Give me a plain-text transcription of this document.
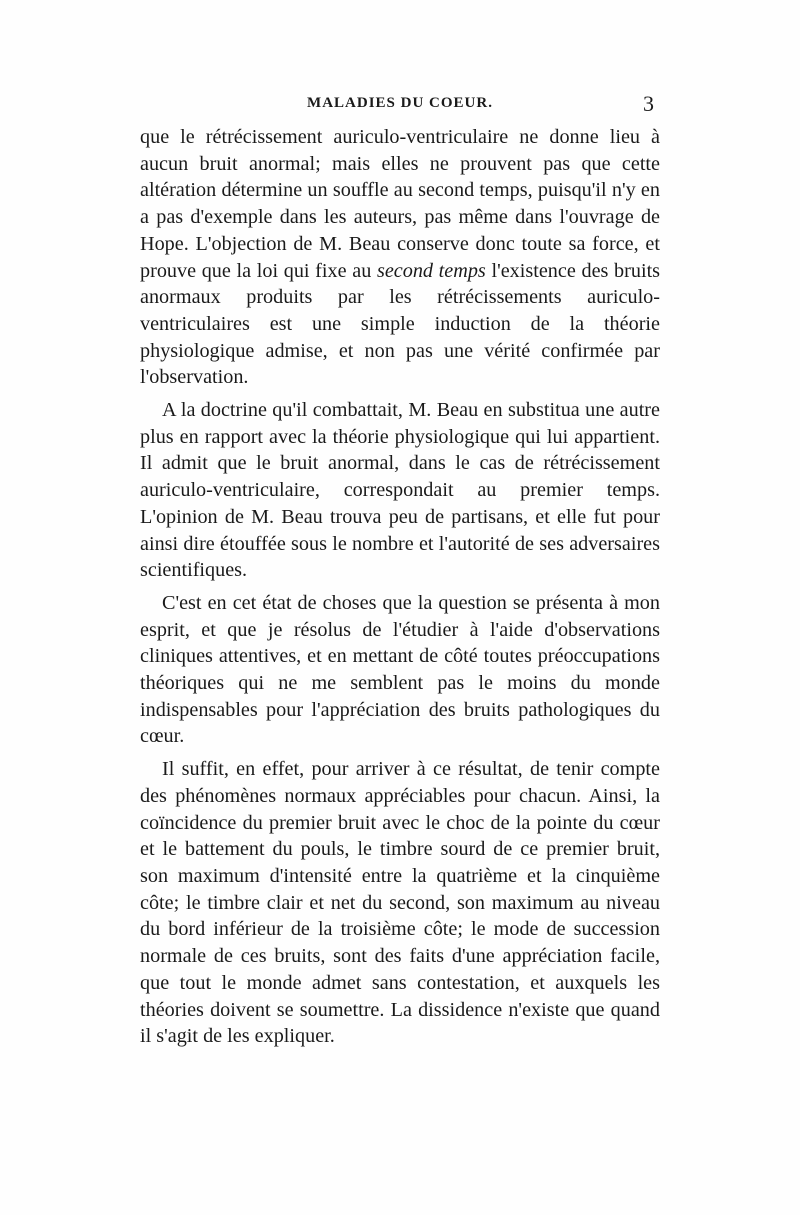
MALADIES DU COEUR.	3

que le rétrécissement auriculo-ventriculaire ne donne lieu à aucun bruit anormal; mais elles ne prouvent pas que cette altération détermine un souffle au second temps, puisqu'il n'y en a pas d'exemple dans les auteurs, pas même dans l'ouvrage de Hope. L'objection de M. Beau conserve donc toute sa force, et prouve que la loi qui fixe au second temps l'existence des bruits anormaux produits par les rétrécissements auriculo-ventriculaires est une simple induction de la théorie physiologique admise, et non pas une vérité confirmée par l'observation.

A la doctrine qu'il combattait, M. Beau en substitua une autre plus en rapport avec la théorie physiologique qui lui appartient. Il admit que le bruit anormal, dans le cas de rétrécissement auriculo-ventriculaire, correspondait au premier temps. L'opinion de M. Beau trouva peu de partisans, et elle fut pour ainsi dire étouffée sous le nombre et l'autorité de ses adversaires scientifiques.

C'est en cet état de choses que la question se présenta à mon esprit, et que je résolus de l'étudier à l'aide d'observations cliniques attentives, et en mettant de côté toutes préoccupations théoriques qui ne me semblent pas le moins du monde indispensables pour l'appréciation des bruits pathologiques du cœur.

Il suffit, en effet, pour arriver à ce résultat, de tenir compte des phénomènes normaux appréciables pour chacun. Ainsi, la coïncidence du premier bruit avec le choc de la pointe du cœur et le battement du pouls, le timbre sourd de ce premier bruit, son maximum d'intensité entre la quatrième et la cinquième côte; le timbre clair et net du second, son maximum au niveau du bord inférieur de la troisième côte; le mode de succession normale de ces bruits, sont des faits d'une appréciation facile, que tout le monde admet sans contestation, et auxquels les théories doivent se soumettre. La dissidence n'existe que quand il s'agit de les expliquer.
